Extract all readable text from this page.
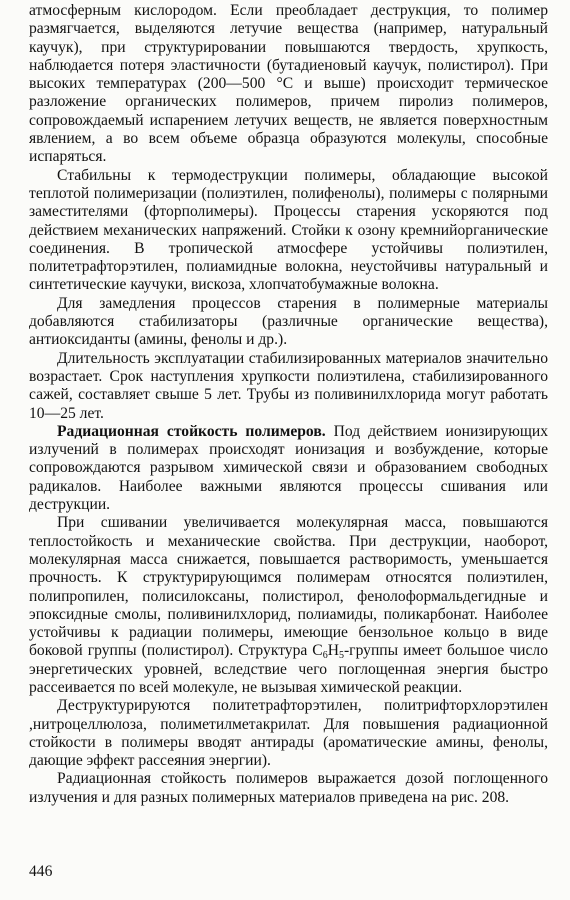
атмосферным кислородом. Если преобладает деструкция, то полимер размягчается, выделяются летучие вещества (например, натуральный каучук), при структурировании повышаются твердость, хрупкость, наблюдается потеря эластичности (бутадиеновый каучук, полистирол). При высоких температурах (200—500 °С и выше) происходит термическое разложение органических полимеров, причем пиролиз полимеров, сопровождаемый испарением летучих веществ, не является поверхностным явлением, а во всем объеме образца образуются молекулы, способные испаряться.

Стабильны к термодеструкции полимеры, обладающие высокой теплотой полимеризации (полиэтилен, полифенолы), полимеры с полярными заместителями (фторполимеры). Процессы старения ускоряются под действием механических напряжений. Стойки к озону кремнийорганические соединения. В тропической атмосфере устойчивы полиэтилен, политетрафторэтилен, полиамидные волокна, неустойчивы натуральный и синтетические каучуки, вискоза, хлопчатобумажные волокна.

Для замедления процессов старения в полимерные материалы добавляются стабилизаторы (различные органические вещества), антиоксиданты (амины, фенолы и др.).

Длительность эксплуатации стабилизированных материалов значительно возрастает. Срок наступления хрупкости полиэтилена, стабилизированного сажей, составляет свыше 5 лет. Трубы из поливинилхлорида могут работать 10—25 лет.

Радиационная стойкость полимеров. Под действием ионизирующих излучений в полимерах происходят ионизация и возбуждение, которые сопровождаются разрывом химической связи и образованием свободных радикалов. Наиболее важными являются процессы сшивания или деструкции.

При сшивании увеличивается молекулярная масса, повышаются теплостойкость и механические свойства. При деструкции, наоборот, молекулярная масса снижается, повышается растворимость, уменьшается прочность. К структурирующимся полимерам относятся полиэтилен, полипропилен, полисилоксаны, полистирол, фенолоформальдегидные и эпоксидные смолы, поливинилхлорид, полиамиды, поликарбонат. Наиболее устойчивы к радиации полимеры, имеющие бензольное кольцо в виде боковой группы (полистирол). Структура $C_6H_5$-группы имеет большое число энергетических уровней, вследствие чего поглощенная энергия быстро рассеивается по всей молекуле, не вызывая химической реакции.

Деструктурируются политетрафторэтилен, политрифторхлорэтилен ,нитроцеллюлоза, полиметилметакрилат. Для повышения радиационной стойкости в полимеры вводят антирады (ароматические амины, фенолы, дающие эффект рассеяния энергии).

Радиационная стойкость полимеров выражается дозой поглощенного излучения и для разных полимерных материалов приведена на рис. 208.

446
